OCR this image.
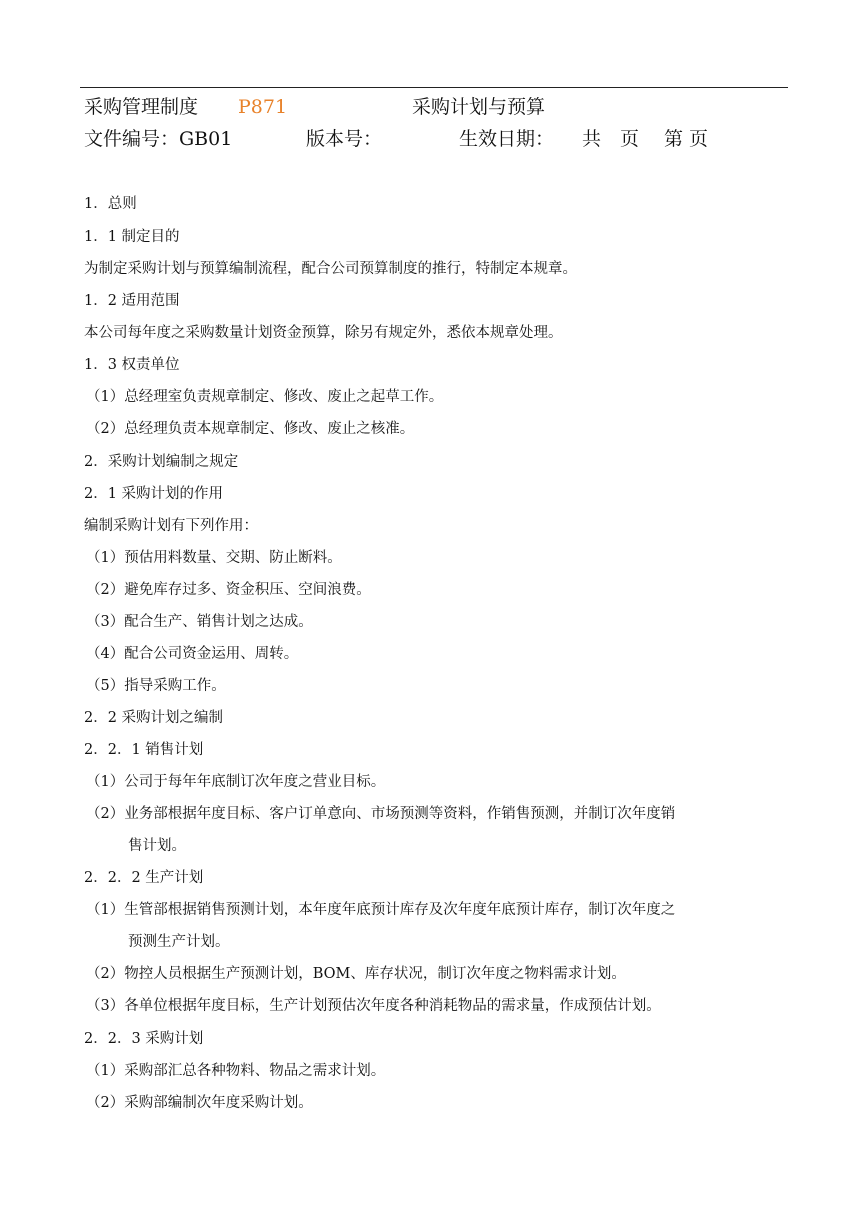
采购管理制度 P871	采购计划与预算
文件编号：GB01	版本号：	生效日期： 共　页 第 页
1．总则
1．1 制定目的
为制定采购计划与预算编制流程，配合公司预算制度的推行，特制定本规章。
1．2 适用范围
本公司每年度之采购数量计划资金预算，除另有规定外，悉依本规章处理。
1．3 权责单位
（1）总经理室负责规章制定、修改、废止之起草工作。
（2）总经理负责本规章制定、修改、废止之核准。
2．采购计划编制之规定
2．1 采购计划的作用
编制采购计划有下列作用：
（1）预估用料数量、交期、防止断料。
（2）避免库存过多、资金积压、空间浪费。
（3）配合生产、销售计划之达成。
（4）配合公司资金运用、周转。
（5）指导采购工作。
2．2 采购计划之编制
2．2．1 销售计划
（1）公司于每年年底制订次年度之营业目标。
（2）业务部根据年度目标、客户订单意向、市场预测等资料，作销售预测，并制订次年度销
售计划。
2．2．2 生产计划
（1）生管部根据销售预测计划，本年度年底预计库存及次年度年底预计库存，制订次年度之
预测生产计划。
（2）物控人员根据生产预测计划，BOM、库存状况，制订次年度之物料需求计划。
（3）各单位根据年度目标，生产计划预估次年度各种消耗物品的需求量，作成预估计划。
2．2．3 采购计划
（1）采购部汇总各种物料、物品之需求计划。
（2）采购部编制次年度采购计划。
